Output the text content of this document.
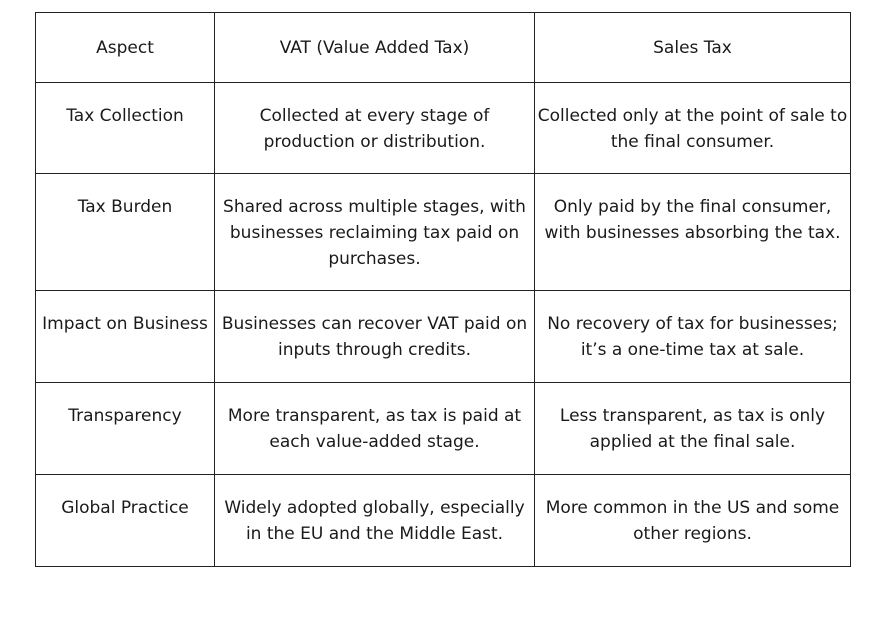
Aspect	VAT (Value Added Tax)	Sales Tax
Tax Collection	Collected at every stage of production or distribution.	Collected only at the point of sale to the final consumer.
Tax Burden	Shared across multiple stages, with businesses reclaiming tax paid on purchases.	Only paid by the final consumer, with businesses absorbing the tax.
Impact on Business	Businesses can recover VAT paid on inputs through credits.	No recovery of tax for businesses; it’s a one-time tax at sale.
Transparency	More transparent, as tax is paid at each value-added stage.	Less transparent, as tax is only applied at the final sale.
Global Practice	Widely adopted globally, especially in the EU and the Middle East.	More common in the US and some other regions.
